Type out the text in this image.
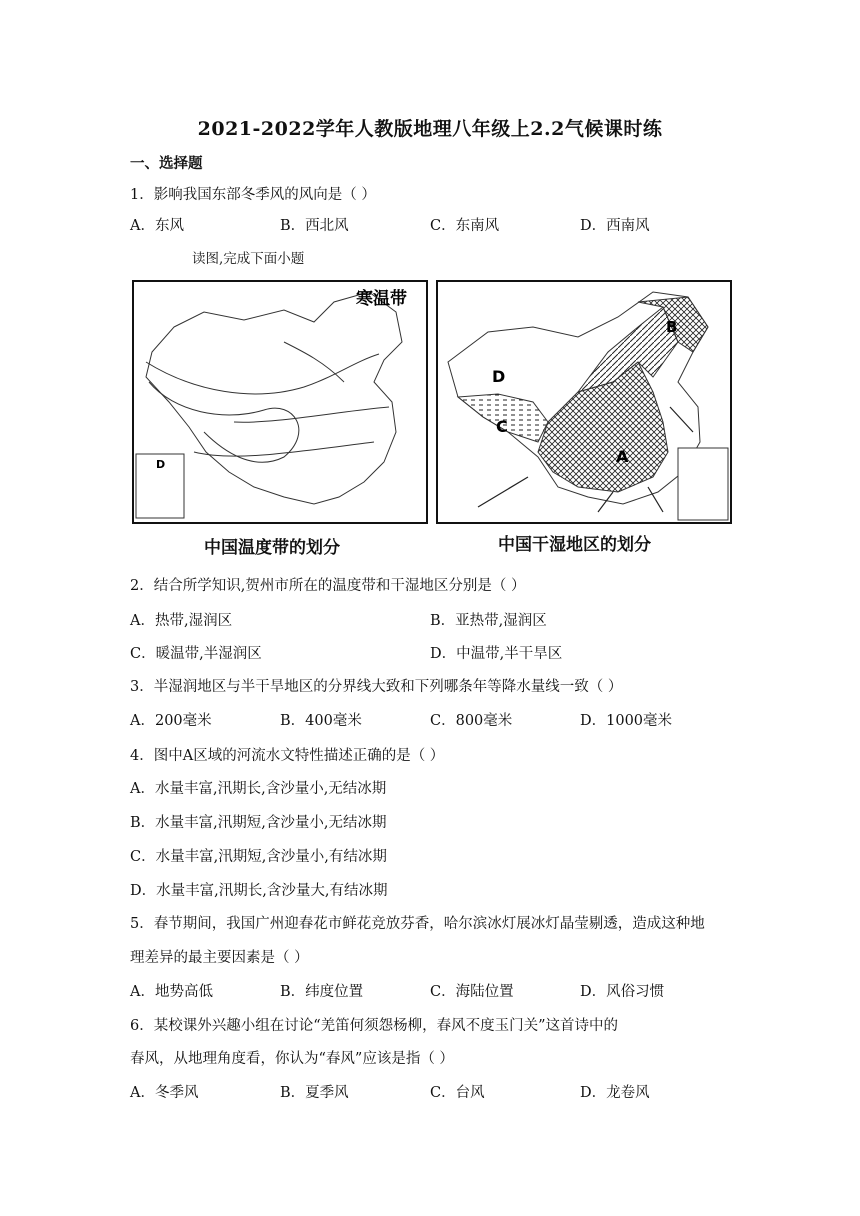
2021-2022学年人教版地理八年级上2.2气候课时练
一、选择题
1．影响我国东部冬季风的风向是（ ）
A．东风	B．西北风	C．东南风	D．西南风
读图,完成下面小题
D
寒温带
中国温度带的划分
B
D
C
A
中国干湿地区的划分
2．结合所学知识,贺州市所在的温度带和干湿地区分别是（ ）
A．热带,湿润区	B．亚热带,湿润区
C．暖温带,半湿润区	D．中温带,半干旱区
3．半湿润地区与半干旱地区的分界线大致和下列哪条年等降水量线一致（ ）
A．200毫米	B．400毫米	C．800毫米	D．1000毫米
4．图中A区域的河流水文特性描述正确的是（ ）
A．水量丰富,汛期长,含沙量小,无结冰期
B．水量丰富,汛期短,含沙量小,无结冰期
C．水量丰富,汛期短,含沙量小,有结冰期
D．水量丰富,汛期长,含沙量大,有结冰期
5．春节期间，我国广州迎春花市鲜花竞放芬香，哈尔滨冰灯展冰灯晶莹剔透，造成这种地
理差异的最主要因素是（ ）
A．地势高低	B．纬度位置	C．海陆位置	D．风俗习惯
6．某校课外兴趣小组在讨论“羌笛何须怨杨柳，春风不度玉门关”这首诗中的
春风，从地理角度看，你认为“春风”应该是指（ ）
A．冬季风	B．夏季风	C．台风	D．龙卷风
